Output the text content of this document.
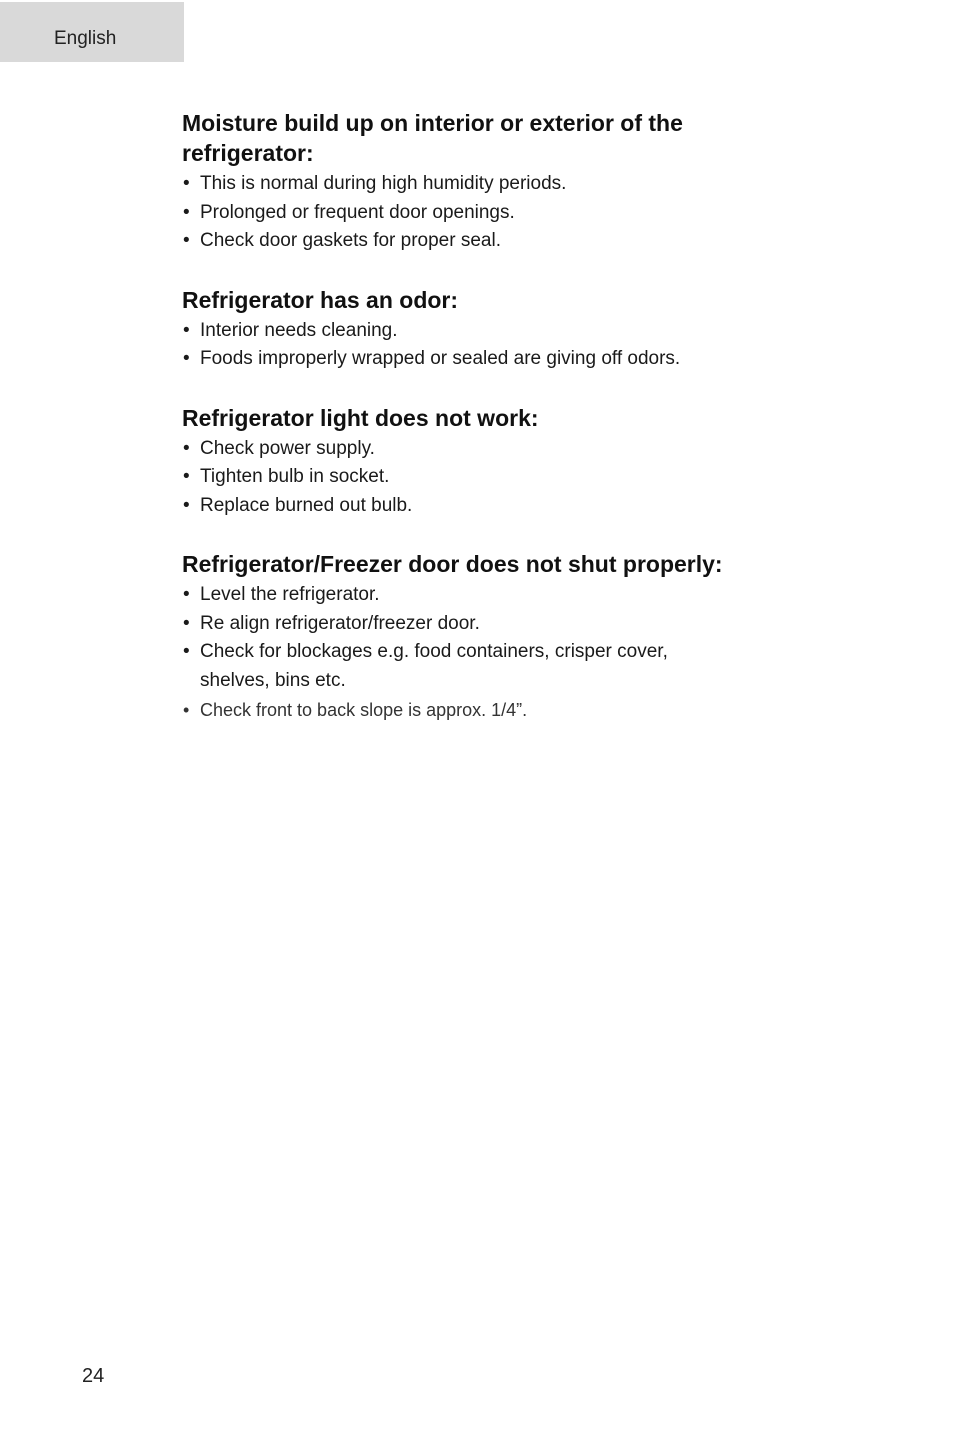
English
Moisture build up on interior or exterior of the refrigerator:
• This is normal during high humidity periods.
• Prolonged or frequent door openings.
• Check door gaskets for proper seal.
Refrigerator has an odor:
• Interior needs cleaning.
• Foods improperly wrapped or sealed are giving off odors.
Refrigerator light does not work:
• Check power supply.
• Tighten bulb in socket.
• Replace burned out bulb.
Refrigerator/Freezer door does not shut properly:
• Level the refrigerator.
• Re align refrigerator/freezer door.
• Check for blockages e.g. food containers, crisper cover, shelves, bins etc.
• Check front to back slope is approx. 1/4”.
24
